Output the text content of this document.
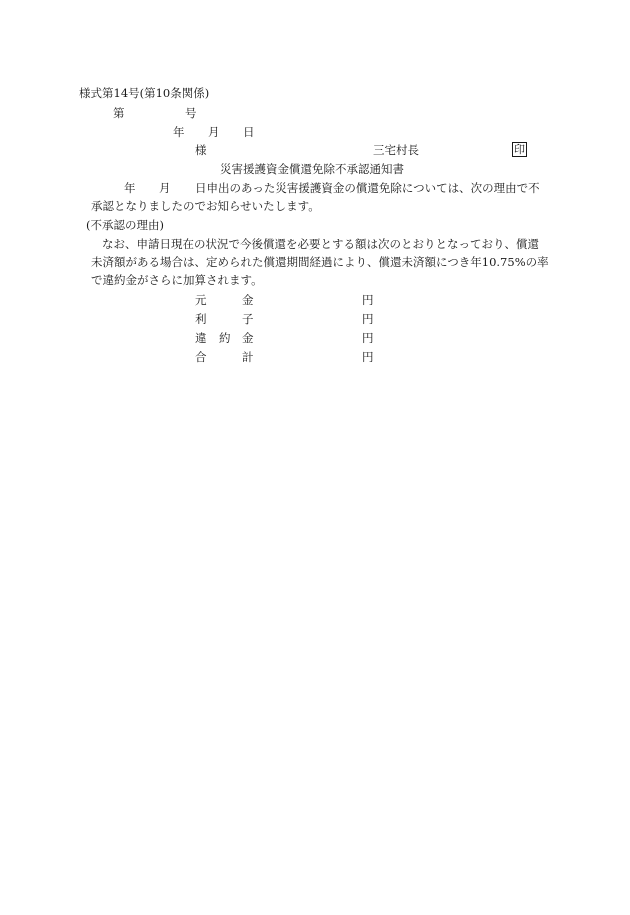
様式第14号(第10条関係)
第	号
年 月 日
様	三宅村長	印
災害援護資金償還免除不承認通知書
年 月 日申出のあった災害援護資金の償還免除については、次の理由で不
承認となりましたのでお知らせいたします。
(不承認の理由)
なお、申請日現在の状況で今後償還を必要とする額は次のとおりとなっており、償還
未済額がある場合は、定められた償還期間経過により、償還未済額につき年10.75%の率
で違約金がさらに加算されます。
元	金	円
利	子	円
違 約 金	円
合	計	円
